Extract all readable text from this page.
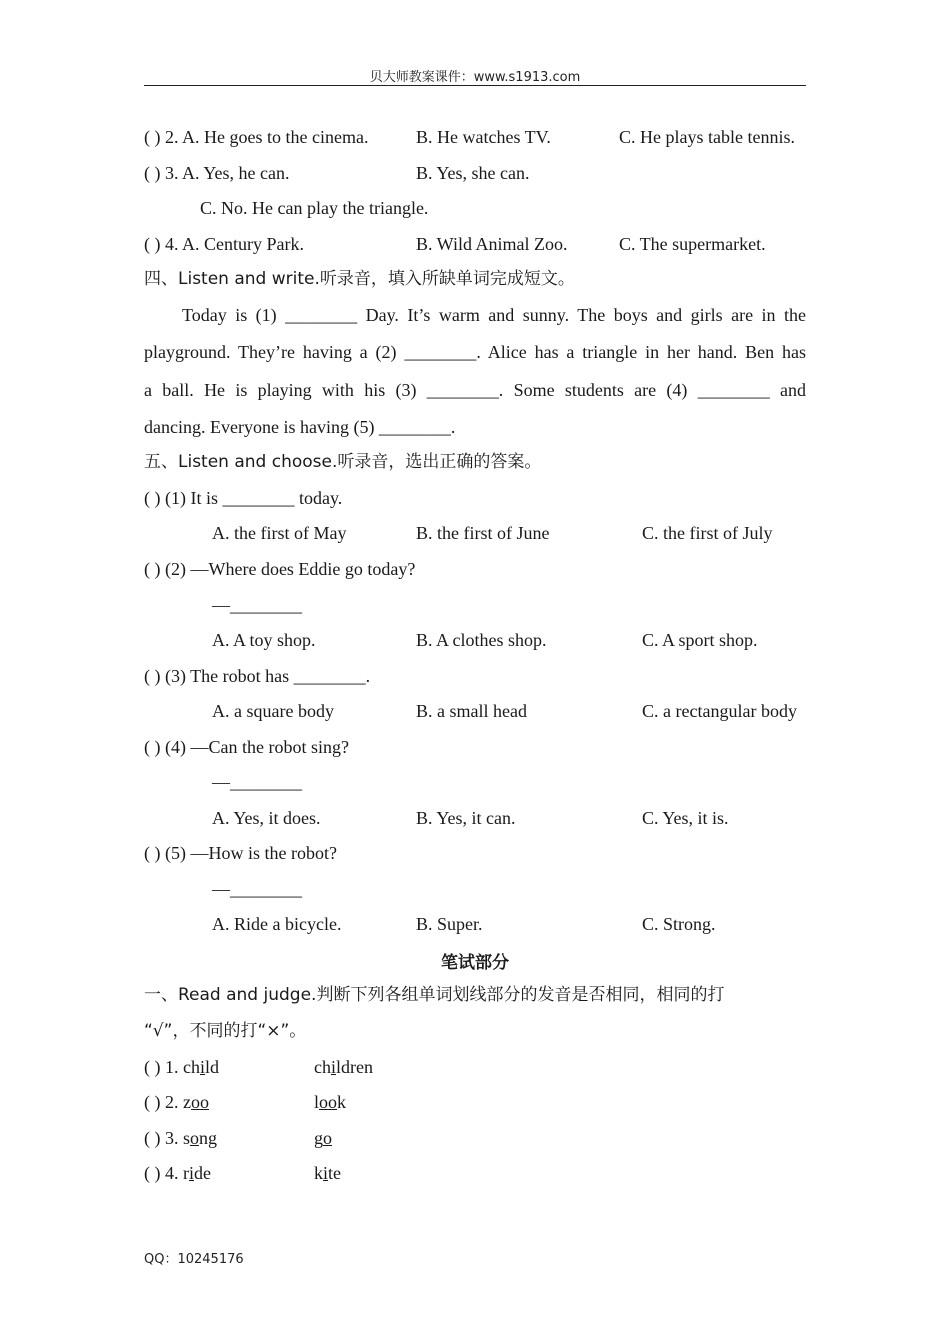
贝大师教案课件：www.s1913.com
( ) 2. A. He goes to the cinema.	B. He watches TV.	C. He plays table tennis.
( ) 3. A. Yes, he can.	B. Yes, she can.
C. No. He can play the triangle.
( ) 4. A. Century Park.	B. Wild Animal Zoo.	C. The supermarket.
四、Listen and write.听录音，填入所缺单词完成短文。
Today is (1) ________ Day. It’s warm and sunny. The boys and girls are in the
playground. They’re having a (2) ________. Alice has a triangle in her hand. Ben has
a ball. He is playing with his (3) ________. Some students are (4) ________ and
dancing. Everyone is having (5) ________.
五、Listen and choose.听录音，选出正确的答案。
( ) (1) It is ________ today.
A. the first of May	B. the first of June	C. the first of July
( ) (2) —Where does Eddie go today?
—________
A. A toy shop.	B. A clothes shop.	C. A sport shop.
( ) (3) The robot has ________.
A. a square body	B. a small head	C. a rectangular body
( ) (4) —Can the robot sing?
—________
A. Yes, it does.	B. Yes, it can.	C. Yes, it is.
( ) (5) —How is the robot?
—________
A. Ride a bicycle.	B. Super.	C. Strong.
笔试部分
一、Read and judge.判断下列各组单词划线部分的发音是否相同，相同的打
“√”，不同的打“×”。
( ) 1. child	children
( ) 2. zoo	look
( ) 3. song	go
( ) 4. ride	kite
QQ：10245176
